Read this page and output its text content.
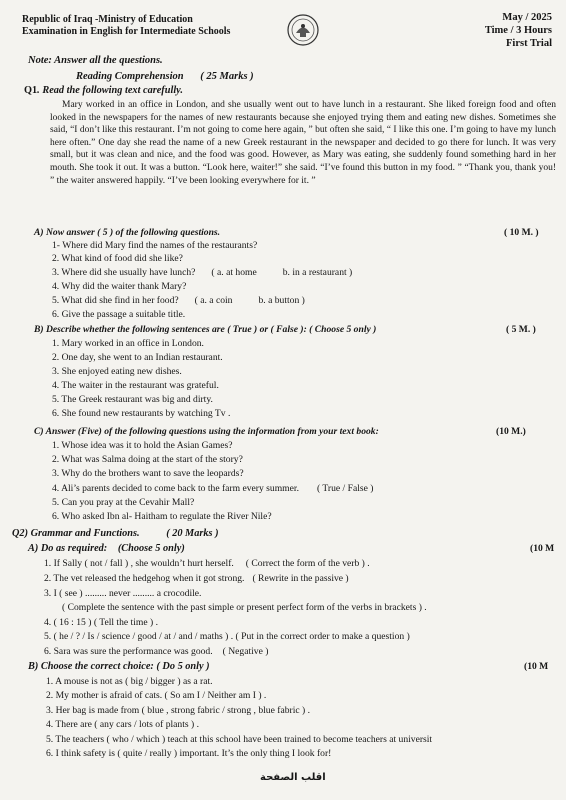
Republic of Iraq -Ministry of Education
Examination in English for Intermediate Schools
May / 2025
Time / 3 Hours
First Trial
Note: Answer all the questions.
Reading Comprehension ( 25 Marks )
Q1. Read the following text carefully.
Mary worked in an office in London, and she usually went out to have lunch in a restaurant. She liked foreign food and often looked in the newspapers for the names of new restaurants because she enjoyed trying them and eating new dishes. Sometimes she said, “I don’t like this restaurant. I’m not going to come here again, ” but often she said, “ I like this one. I’m going to have my lunch here often.” One day she read the name of a new Greek restaurant in the newspaper and decided to go there for lunch. It was very small, but it was clean and nice, and the food was good. However, as Mary was eating, she suddenly found something hard in her mouth. She took it out. It was a button. “Look here, waiter!” she said. “I’ve found this button in my food. ” “Thank you, thank you! ” the waiter answered happily. “I’ve been looking everywhere for it. ”
A) Now answer ( 5 ) of the following questions.	( 10 M. )
1- Where did Mary find the names of the restaurants?
2. What kind of food did she like?
3. Where did she usually have lunch? ( a. at home	b. in a restaurant )
4. Why did the waiter thank Mary?
5. What did she find in her food? ( a. a coin	b. a button )
6. Give the passage a suitable title.
B) Describe whether the following sentences are ( True ) or ( False ): ( Choose 5 only )	( 5 M. )
1. Mary worked in an office in London.
2. One day, she went to an Indian restaurant.
3. She enjoyed eating new dishes.
4. The waiter in the restaurant was grateful.
5. The Greek restaurant was big and dirty.
6. She found new restaurants by watching Tv .
C) Answer (Five) of the following questions using the information from your text book:	(10 M.)
1. Whose idea was it to hold the Asian Games?
2. What was Salma doing at the start of the story?
3. Why do the brothers want to save the leopards?
4. Ali’s parents decided to come back to the farm every summer. ( True / False )
5. Can you pray at the Cevahir Mall?
6. Who asked Ibn al- Haitham to regulate the River Nile?
Q2) Grammar and Functions.	( 20 Marks )
A) Do as required: (Choose 5 only)	(10 M
1. If Sally ( not / fall ) , she wouldn’t hurt herself. ( Correct the form of the verb ) .
2. The vet released the hedgehog when it got strong. ( Rewrite in the passive )
3. I ( see ) ......... never ......... a crocodile.
( Complete the sentence with the past simple or present perfect form of the verbs in brackets ) .
4. ( 16 : 15 ) ( Tell the time ) .
5. ( he / ? / Is / science / good / at / and / maths ) . ( Put in the correct order to make a question )
6. Sara was sure the performance was good. ( Negative )
B) Choose the correct choice: ( Do 5 only )	(10 M
1. A mouse is not as ( big / bigger ) as a rat.
2. My mother is afraid of cats. ( So am I / Neither am I ) .
3. Her bag is made from ( blue , strong fabric / strong , blue fabric ) .
4. There are ( any cars / lots of plants ) .
5. The teachers ( who / which ) teach at this school have been trained to become teachers at universit
6. I think safety is ( quite / really ) important. It’s the only thing I look for!
اقلب الصفحة
